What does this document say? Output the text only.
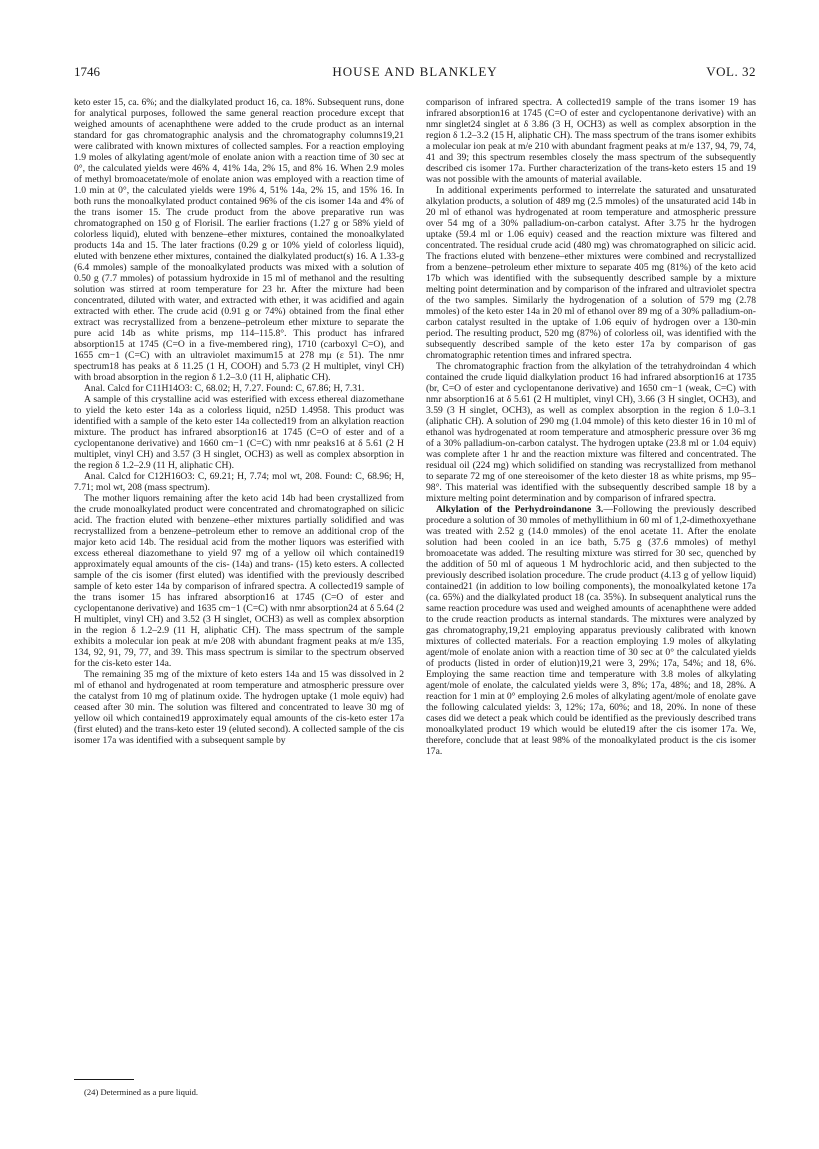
1746	HOUSE AND BLANKLEY	VOL. 32

keto ester 15, ca. 6%; and the dialkylated product 16, ca. 18%. Subsequent runs, done for analytical purposes, followed the same general reaction procedure except that weighed amounts of acenaphthene were added to the crude product as an internal standard for gas chromatographic analysis and the chromatography columns19,21 were calibrated with known mixtures of collected samples. For a reaction employing 1.9 moles of alkylating agent/mole of enolate anion with a reaction time of 30 sec at 0°, the calculated yields were 46% 4, 41% 14a, 2% 15, and 8% 16. When 2.9 moles of methyl bromoacetate/mole of enolate anion was employed with a reaction time of 1.0 min at 0°, the calculated yields were 19% 4, 51% 14a, 2% 15, and 15% 16. In both runs the monoalkylated product contained 96% of the cis isomer 14a and 4% of the trans isomer 15. The crude product from the above preparative run was chromatographed on 150 g of Florisil. The earlier fractions (1.27 g or 58% yield of colorless liquid), eluted with benzene–ether mixtures, contained the monoalkylated products 14a and 15. The later fractions (0.29 g or 10% yield of colorless liquid), eluted with benzene ether mixtures, contained the dialkylated product(s) 16. A 1.33-g (6.4 mmoles) sample of the monoalkylated products was mixed with a solution of 0.50 g (7.7 mmoles) of potassium hydroxide in 15 ml of methanol and the resulting solution was stirred at room temperature for 23 hr. After the mixture had been concentrated, diluted with water, and extracted with ether, it was acidified and again extracted with ether. The crude acid (0.91 g or 74%) obtained from the final ether extract was recrystallized from a benzene–petroleum ether mixture to separate the pure acid 14b as white prisms, mp 114–115.8°. This product has infrared absorption15 at 1745 (C=O in a five-membered ring), 1710 (carboxyl C=O), and 1655 cm−1 (C=C) with an ultraviolet maximum15 at 278 mμ (ε 51). The nmr spectrum18 has peaks at δ 11.25 (1 H, COOH) and 5.73 (2 H multiplet, vinyl CH) with broad absorption in the region δ 1.2–3.0 (11 H, aliphatic CH).

Anal. Calcd for C11H14O3: C, 68.02; H, 7.27. Found: C, 67.86; H, 7.31.

A sample of this crystalline acid was esterified with excess ethereal diazomethane to yield the keto ester 14a as a colorless liquid, n25D 1.4958. This product was identified with a sample of the keto ester 14a collected19 from an alkylation reaction mixture. The product has infrared absorption16 at 1745 (C=O of ester and of a cyclopentanone derivative) and 1660 cm−1 (C=C) with nmr peaks16 at δ 5.61 (2 H multiplet, vinyl CH) and 3.57 (3 H singlet, OCH3) as well as complex absorption in the region δ 1.2–2.9 (11 H, aliphatic CH).

Anal. Calcd for C12H16O3: C, 69.21; H, 7.74; mol wt, 208. Found: C, 68.96; H, 7.71; mol wt, 208 (mass spectrum).

The mother liquors remaining after the keto acid 14b had been crystallized from the crude monoalkylated product were concentrated and chromatographed on silicic acid. The fraction eluted with benzene–ether mixtures partially solidified and was recrystallized from a benzene–petroleum ether to remove an additional crop of the major keto acid 14b. The residual acid from the mother liquors was esterified with excess ethereal diazomethane to yield 97 mg of a yellow oil which contained19 approximately equal amounts of the cis- (14a) and trans- (15) keto esters. A collected sample of the cis isomer (first eluted) was identified with the previously described sample of keto ester 14a by comparison of infrared spectra. A collected19 sample of the trans isomer 15 has infrared absorption16 at 1745 (C=O of ester and cyclopentanone derivative) and 1635 cm−1 (C=C) with nmr absorption24 at δ 5.64 (2 H multiplet, vinyl CH) and 3.52 (3 H singlet, OCH3) as well as complex absorption in the region δ 1.2–2.9 (11 H, aliphatic CH). The mass spectrum of the sample exhibits a molecular ion peak at m/e 208 with abundant fragment peaks at m/e 135, 134, 92, 91, 79, 77, and 39. This mass spectrum is similar to the spectrum observed for the cis-keto ester 14a.

The remaining 35 mg of the mixture of keto esters 14a and 15 was dissolved in 2 ml of ethanol and hydrogenated at room temperature and atmospheric pressure over the catalyst from 10 mg of platinum oxide. The hydrogen uptake (1 mole equiv) had ceased after 30 min. The solution was filtered and concentrated to leave 30 mg of yellow oil which contained19 approximately equal amounts of the cis-keto ester 17a (first eluted) and the trans-keto ester 19 (eluted second). A collected sample of the cis isomer 17a was identified with a subsequent sample by

(24) Determined as a pure liquid.

comparison of infrared spectra. A collected19 sample of the trans isomer 19 has infrared absorption16 at 1745 (C=O of ester and cyclopentanone derivative) with an nmr singlet24 singlet at δ 3.86 (3 H, OCH3) as well as complex absorption in the region δ 1.2–3.2 (15 H, aliphatic CH). The mass spectrum of the trans isomer exhibits a molecular ion peak at m/e 210 with abundant fragment peaks at m/e 137, 94, 79, 74, 41 and 39; this spectrum resembles closely the mass spectrum of the subsequently described cis isomer 17a. Further characterization of the trans-keto esters 15 and 19 was not possible with the amounts of material available.

In additional experiments performed to interrelate the saturated and unsaturated alkylation products, a solution of 489 mg (2.5 mmoles) of the unsaturated acid 14b in 20 ml of ethanol was hydrogenated at room temperature and atmospheric pressure over 54 mg of a 30% palladium-on-carbon catalyst. After 3.75 hr the hydrogen uptake (59.4 ml or 1.06 equiv) ceased and the reaction mixture was filtered and concentrated. The residual crude acid (480 mg) was chromatographed on silicic acid. The fractions eluted with benzene–ether mixtures were combined and recrystallized from a benzene–petroleum ether mixture to separate 405 mg (81%) of the keto acid 17b which was identified with the subsequently described sample by a mixture melting point determination and by comparison of the infrared and ultraviolet spectra of the two samples. Similarly the hydrogenation of a solution of 579 mg (2.78 mmoles) of the keto ester 14a in 20 ml of ethanol over 89 mg of a 30% palladium-on-carbon catalyst resulted in the uptake of 1.06 equiv of hydrogen over a 130-min period. The resulting product, 520 mg (87%) of colorless oil, was identified with the subsequently described sample of the keto ester 17a by comparison of gas chromatographic retention times and infrared spectra.

The chromatographic fraction from the alkylation of the tetrahydroindan 4 which contained the crude liquid dialkylation product 16 had infrared absorption16 at 1735 (br, C=O of ester and cyclopentanone derivative) and 1650 cm−1 (weak, C=C) with nmr absorption16 at δ 5.61 (2 H multiplet, vinyl CH), 3.66 (3 H singlet, OCH3), and 3.59 (3 H singlet, OCH3), as well as complex absorption in the region δ 1.0–3.1 (aliphatic CH). A solution of 290 mg (1.04 mmole) of this keto diester 16 in 10 ml of ethanol was hydrogenated at room temperature and atmospheric pressure over 36 mg of a 30% palladium-on-carbon catalyst. The hydrogen uptake (23.8 ml or 1.04 equiv) was complete after 1 hr and the reaction mixture was filtered and concentrated. The residual oil (224 mg) which solidified on standing was recrystallized from methanol to separate 72 mg of one stereoisomer of the keto diester 18 as white prisms, mp 95–98°. This material was identified with the subsequently described sample 18 by a mixture melting point determination and by comparison of infrared spectra.

Alkylation of the Perhydroindanone 3.—Following the previously described procedure a solution of 30 mmoles of methyllithium in 60 ml of 1,2-dimethoxyethane was treated with 2.52 g (14.0 mmoles) of the enol acetate 11. After the enolate solution had been cooled in an ice bath, 5.75 g (37.6 mmoles) of methyl bromoacetate was added. The resulting mixture was stirred for 30 sec, quenched by the addition of 50 ml of aqueous 1 M hydrochloric acid, and then subjected to the previously described isolation procedure. The crude product (4.13 g of yellow liquid) contained21 (in addition to low boiling components), the monoalkylated ketone 17a (ca. 65%) and the dialkylated product 18 (ca. 35%). In subsequent analytical runs the same reaction procedure was used and weighed amounts of acenaphthene were added to the crude reaction products as internal standards. The mixtures were analyzed by gas chromatography,19,21 employing apparatus previously calibrated with known mixtures of collected materials. For a reaction employing 1.9 moles of alkylating agent/mole of enolate anion with a reaction time of 30 sec at 0° the calculated yields of products (listed in order of elution)19,21 were 3, 29%; 17a, 54%; and 18, 6%. Employing the same reaction time and temperature with 3.8 moles of alkylating agent/mole of enolate, the calculated yields were 3, 8%; 17a, 48%; and 18, 28%. A reaction for 1 min at 0° employing 2.6 moles of alkylating agent/mole of enolate gave the following calculated yields: 3, 12%; 17a, 60%; and 18, 20%. In none of these cases did we detect a peak which could be identified as the previously described trans monoalkylated product 19 which would be eluted19 after the cis isomer 17a. We, therefore, conclude that at least 98% of the monoalkylated product is the cis isomer 17a.
